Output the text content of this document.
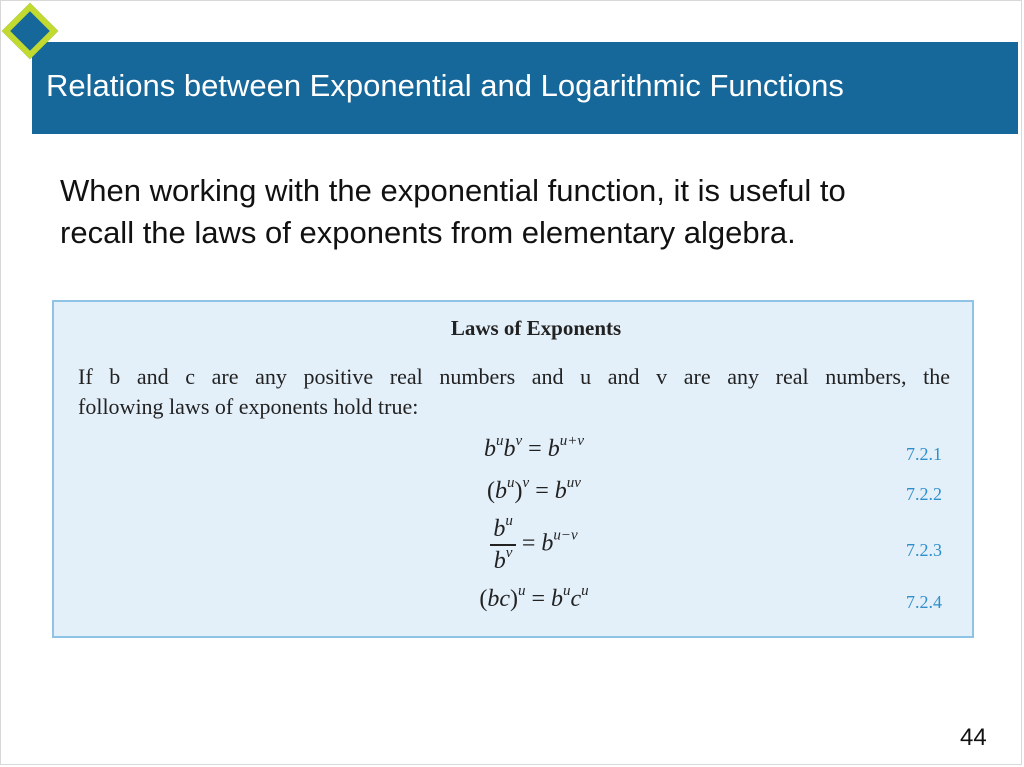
Relations between Exponential and Logarithmic Functions
When working with the exponential function, it is useful to
recall the laws of exponents from elementary algebra.
Laws of Exponents
If b and c are any positive real numbers and u and v are any real numbers, the
following laws of exponents hold true:
$b^ub^v = b^{u+v}$
7.2.1
$(b^u)^v = b^{uv}$
7.2.2
$\frac{b^u}{b^v} = b^{u-v}$
7.2.3
$(bc)^u = b^uc^u$
7.2.4
44
